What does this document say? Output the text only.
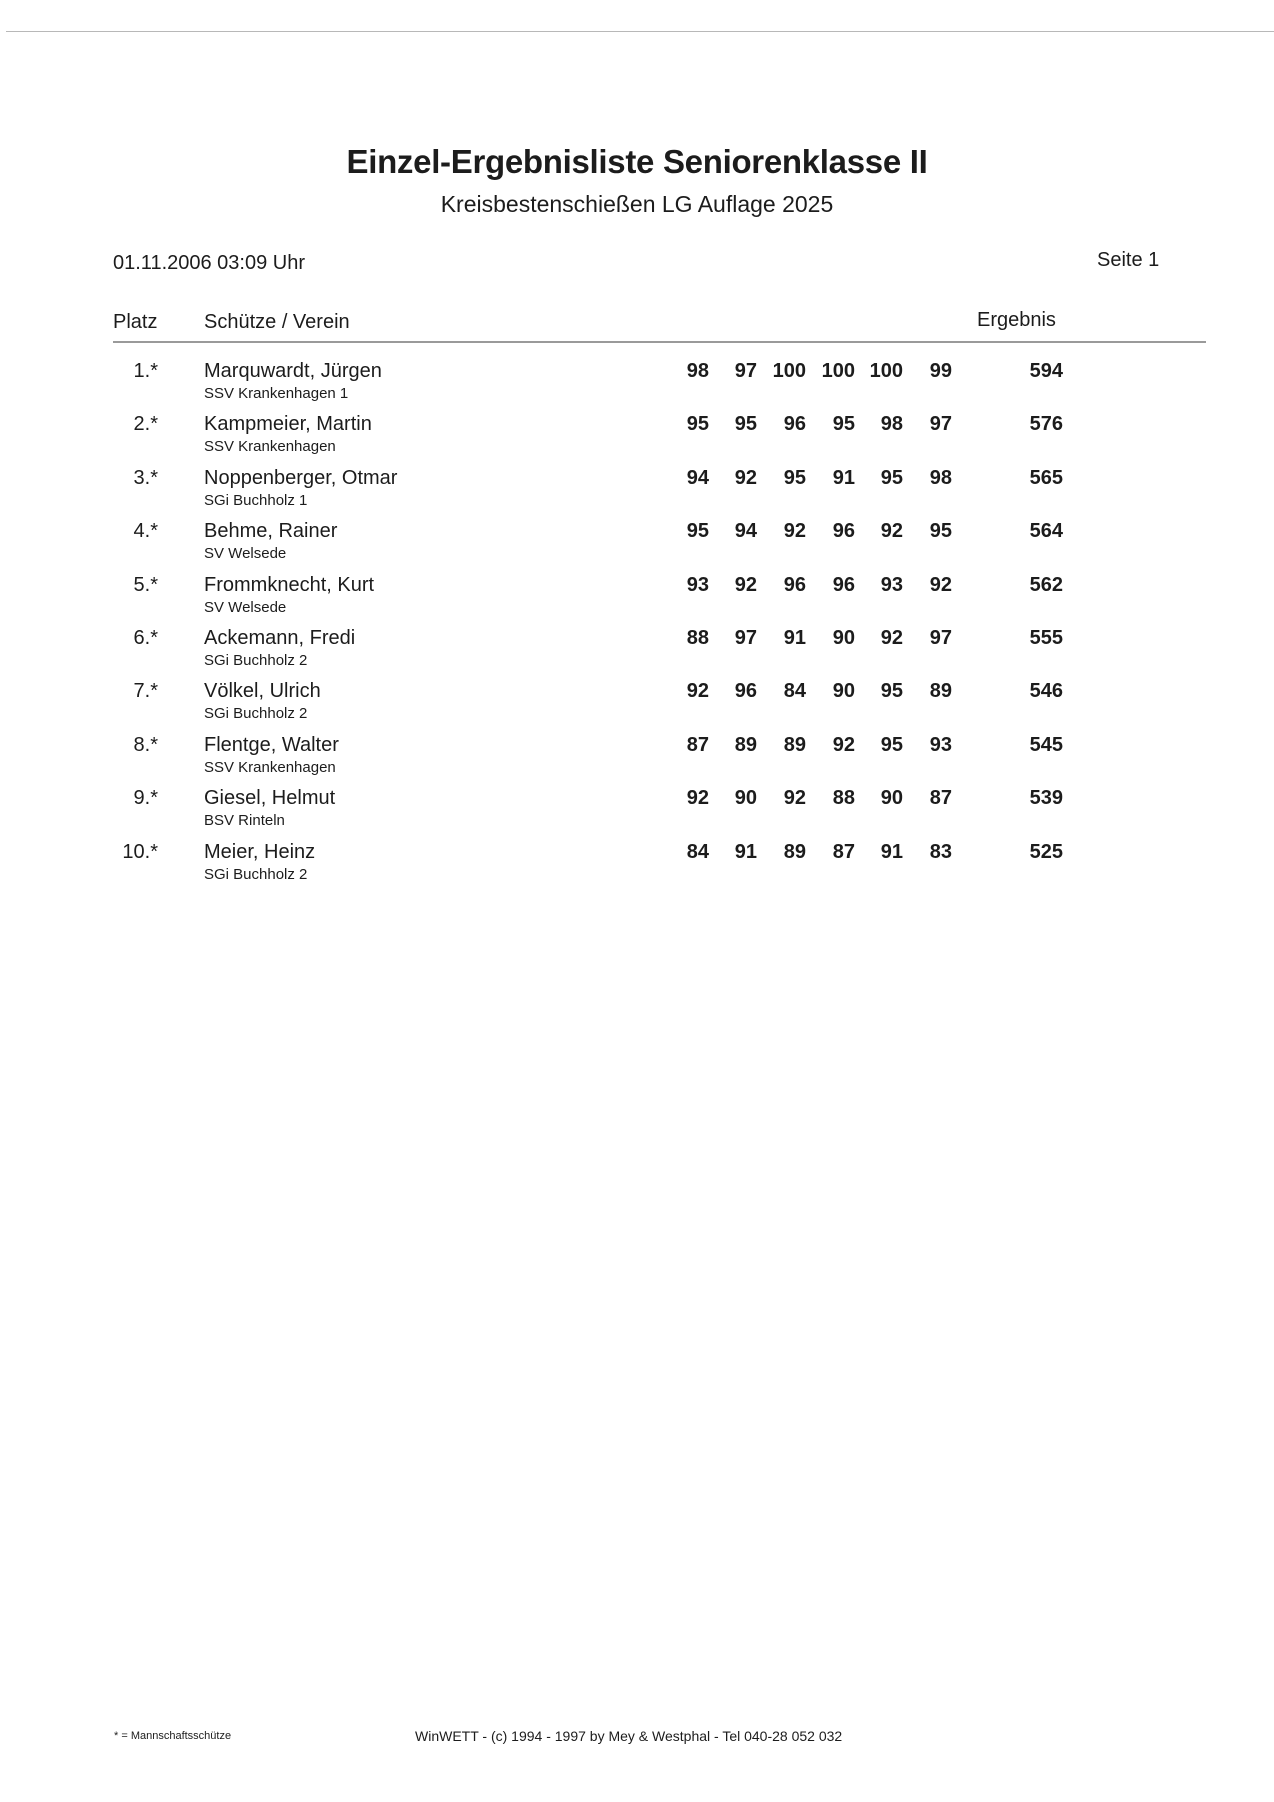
Einzel-Ergebnisliste Seniorenklasse II
Kreisbestenschießen LG Auflage 2025
01.11.2006 03:09 Uhr	Seite 1
Platz Schütze / Verein	Ergebnis
1.* Marquwardt, Jürgen
SSV Krankenhagen 1
98	97 100 100 100	99	594
2.* Kampmeier, Martin
SSV Krankenhagen
95	95	96	95	98	97	576
3.* Noppenberger, Otmar
SGi Buchholz 1
94	92	95	91	95	98	565
4.* Behme, Rainer
SV Welsede
95	94	92	96	92	95	564
5.* Frommknecht, Kurt
SV Welsede
93	92	96	96	93	92	562
6.* Ackemann, Fredi
SGi Buchholz 2
88	97	91	90	92	97	555
7.* Völkel, Ulrich
SGi Buchholz 2
92	96	84	90	95	89	546
8.* Flentge, Walter
SSV Krankenhagen
87	89	89	92	95	93	545
9.* Giesel, Helmut
BSV Rinteln
92	90	92	88	90	87	539
10.* Meier, Heinz
SGi Buchholz 2
84	91	89	87	91	83	525
* = Mannschaftsschütze	WinWETT - (c) 1994 - 1997 by Mey & Westphal - Tel 040-28 052 032
